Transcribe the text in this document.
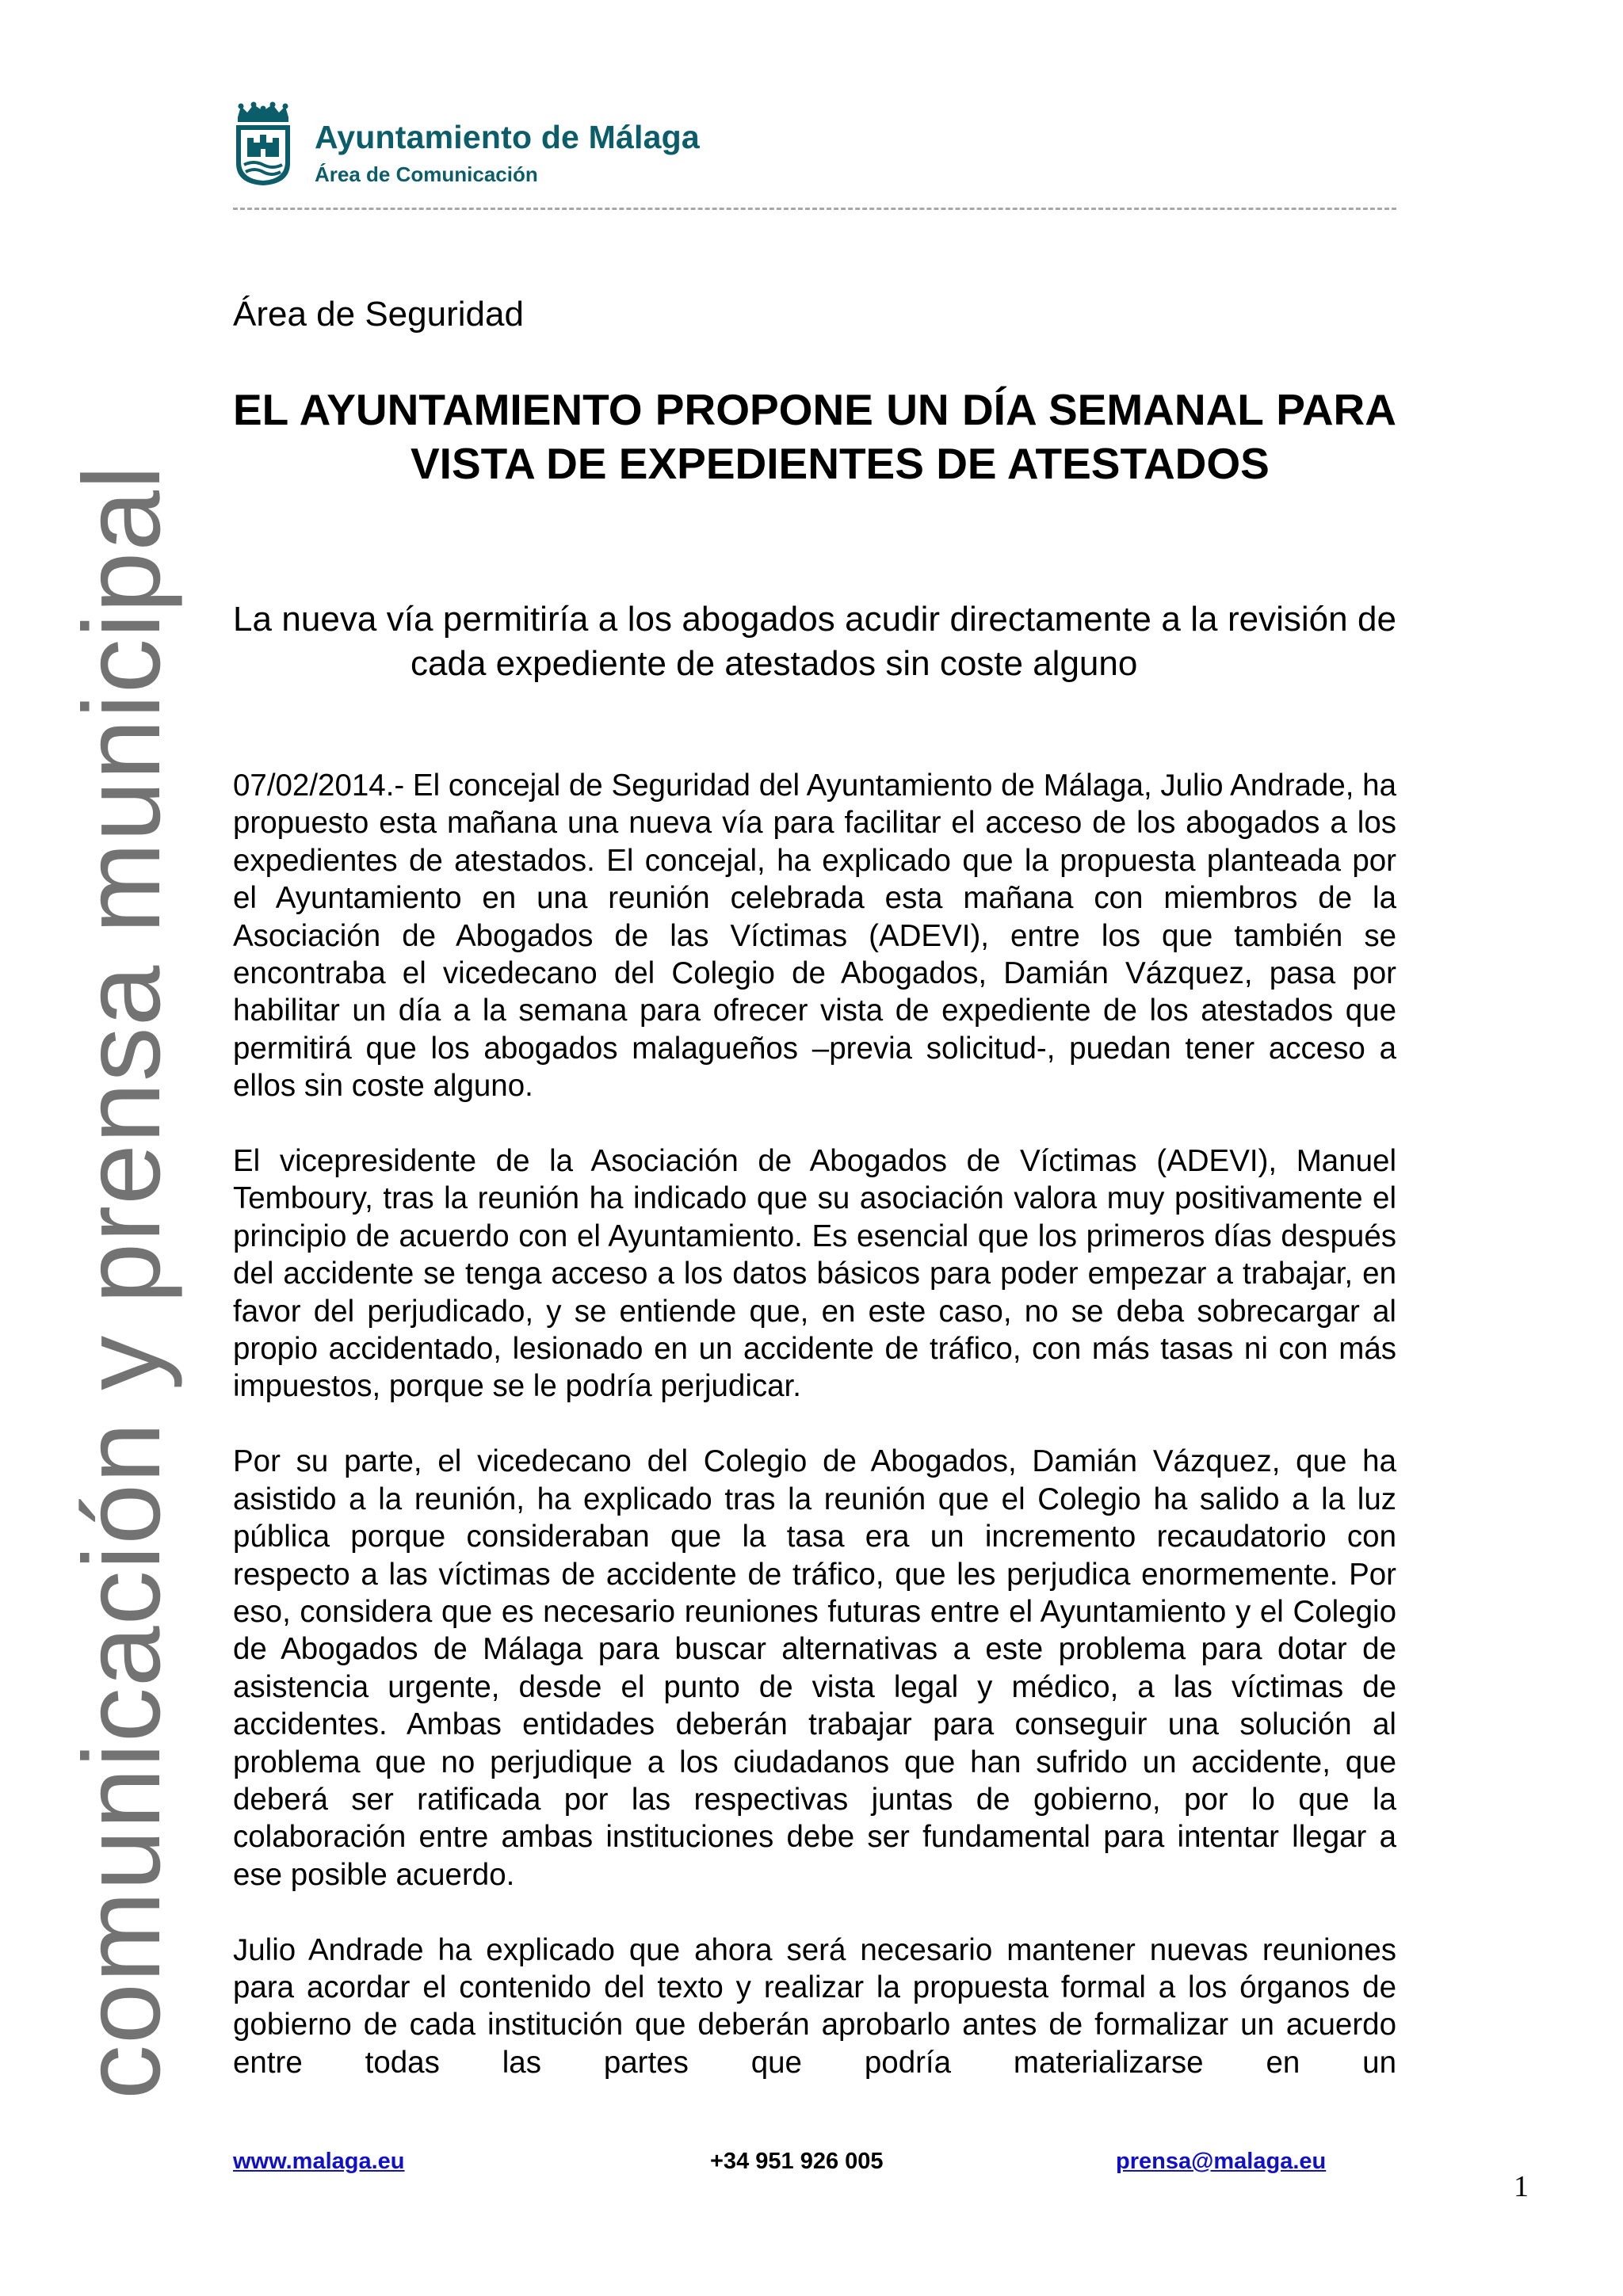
Ayuntamiento de Málaga
Área de Comunicación
comunicación y prensa municipal
Área de Seguridad
EL AYUNTAMIENTO PROPONE UN DÍA SEMANAL PARA VISTA DE EXPEDIENTES DE ATESTADOS
La nueva vía permitiría a los abogados acudir directamente a la revisión de cada expediente de atestados sin coste alguno

07/02/2014.- El concejal de Seguridad del Ayuntamiento de Málaga, Julio Andrade, ha propuesto esta mañana una nueva vía para facilitar el acceso de los abogados a los expedientes de atestados. El concejal, ha explicado que la propuesta planteada por el Ayuntamiento en una reunión celebrada esta mañana con miembros de la Asociación de Abogados de las Víctimas (ADEVI), entre los que también se encontraba el vicedecano del Colegio de Abogados, Damián Vázquez, pasa por habilitar un día a la semana para ofrecer vista de expediente de los atestados que permitirá que los abogados malagueños –previa solicitud-, puedan tener acceso a ellos sin coste alguno.

El vicepresidente de la Asociación de Abogados de Víctimas (ADEVI), Manuel Temboury, tras la reunión ha indicado que su asociación valora muy positivamente el principio de acuerdo con el Ayuntamiento. Es esencial que los primeros días después del accidente se tenga acceso a los datos básicos para poder empezar a trabajar, en favor del perjudicado, y se entiende que, en este caso, no se deba sobrecargar al propio accidentado, lesionado en un accidente de tráfico, con más tasas ni con más impuestos, porque se le podría perjudicar.

Por su parte, el vicedecano del Colegio de Abogados, Damián Vázquez, que ha asistido a la reunión, ha explicado tras la reunión que el Colegio ha salido a la luz pública porque consideraban que la tasa era un incremento recaudatorio con respecto a las víctimas de accidente de tráfico, que les perjudica enormemente. Por eso, considera que es necesario reuniones futuras entre el Ayuntamiento y el Colegio de Abogados de Málaga para buscar alternativas a este problema para dotar de asistencia urgente, desde el punto de vista legal y médico, a las víctimas de accidentes. Ambas entidades deberán trabajar para conseguir una solución al problema que no perjudique a los ciudadanos que han sufrido un accidente, que deberá ser ratificada por las respectivas juntas de gobierno, por lo que la colaboración entre ambas instituciones debe ser fundamental para intentar llegar a ese posible acuerdo.

Julio Andrade ha explicado que ahora será necesario mantener nuevas reuniones para acordar el contenido del texto y realizar la propuesta formal a los órganos de gobierno de cada institución que deberán aprobarlo antes de formalizar un acuerdo entre todas las partes que podría materializarse en un

www.malaga.eu	+34 951 926 005	prensa@malaga.eu
1
